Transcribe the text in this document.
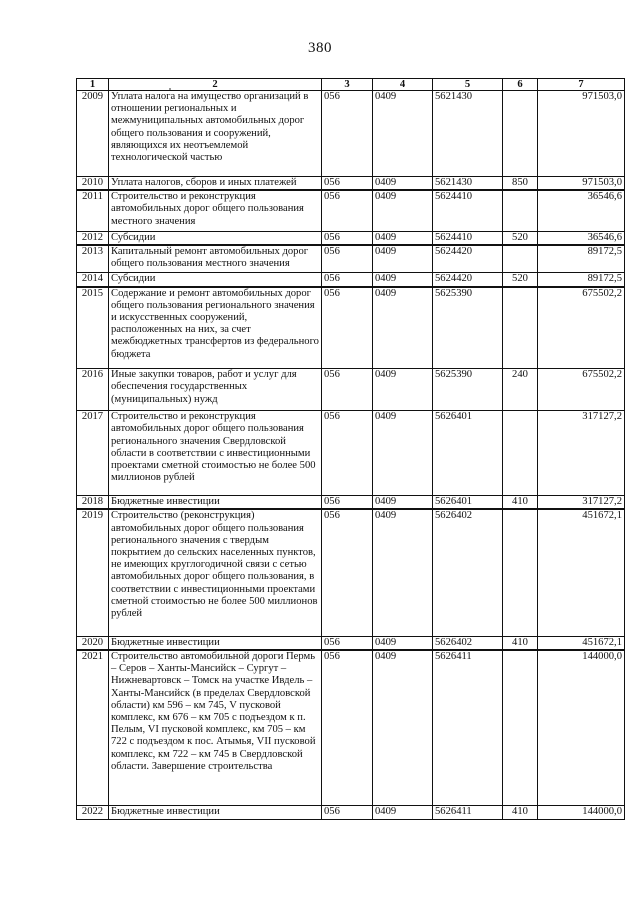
380
1	2	3	4	5	6	7
2009	Уплата налога на имущество организаций в отношении региональных и межмуниципальных автомобильных дорог общего пользования и сооружений, являющихся их неотъемлемой технологической частью	056	0409	5621430		971503,0
2010	Уплата налогов, сборов и иных платежей	056	0409	5621430	850	971503,0
2011	Строительство и реконструкция автомобильных дорог общего пользования местного значения	056	0409	5624410		36546,6
2012	Субсидии	056	0409	5624410	520	36546,6
2013	Капитальный ремонт автомобильных дорог общего пользования местного значения	056	0409	5624420		89172,5
2014	Субсидии	056	0409	5624420	520	89172,5
2015	Содержание и ремонт автомобильных дорог общего пользования регионального значения и искусственных сооружений, расположенных на них, за счет межбюджетных трансфертов из федерального бюджета	056	0409	5625390		675502,2
2016	Иные закупки товаров, работ и услуг для обеспечения государственных (муниципальных) нужд	056	0409	5625390	240	675502,2
2017	Строительство и реконструкция автомобильных дорог общего пользования регионального значения Свердловской области в соответствии с инвестиционными проектами сметной стоимостью не более 500 миллионов рублей	056	0409	5626401		317127,2
2018	Бюджетные инвестиции	056	0409	5626401	410	317127,2
2019	Строительство (реконструкция) автомобильных дорог общего пользования регионального значения с твердым покрытием до сельских населенных пунктов, не имеющих круглогодичной связи с сетью автомобильных дорог общего пользования, в соответствии с инвестиционными проектами сметной стоимостью не более 500 миллионов рублей	056	0409	5626402		451672,1
2020	Бюджетные инвестиции	056	0409	5626402	410	451672,1
2021	Строительство автомобильной дороги Пермь – Серов – Ханты-Мансийск – Сургут – Нижневартовск – Томск на участке Ивдель – Ханты-Мансийск (в пределах Свердловской области) км 596 – км 745, V пусковой комплекс, км 676 – км 705 с подъездом к п. Пелым, VI пусковой комплекс, км 705 – км 722 с подъездом к пос. Атымья, VII пусковой комплекс, км 722 – км 745 в Свердловской области. Завершение строительства	056	0409	5626411		144000,0
2022	Бюджетные инвестиции	056	0409	5626411	410	144000,0
